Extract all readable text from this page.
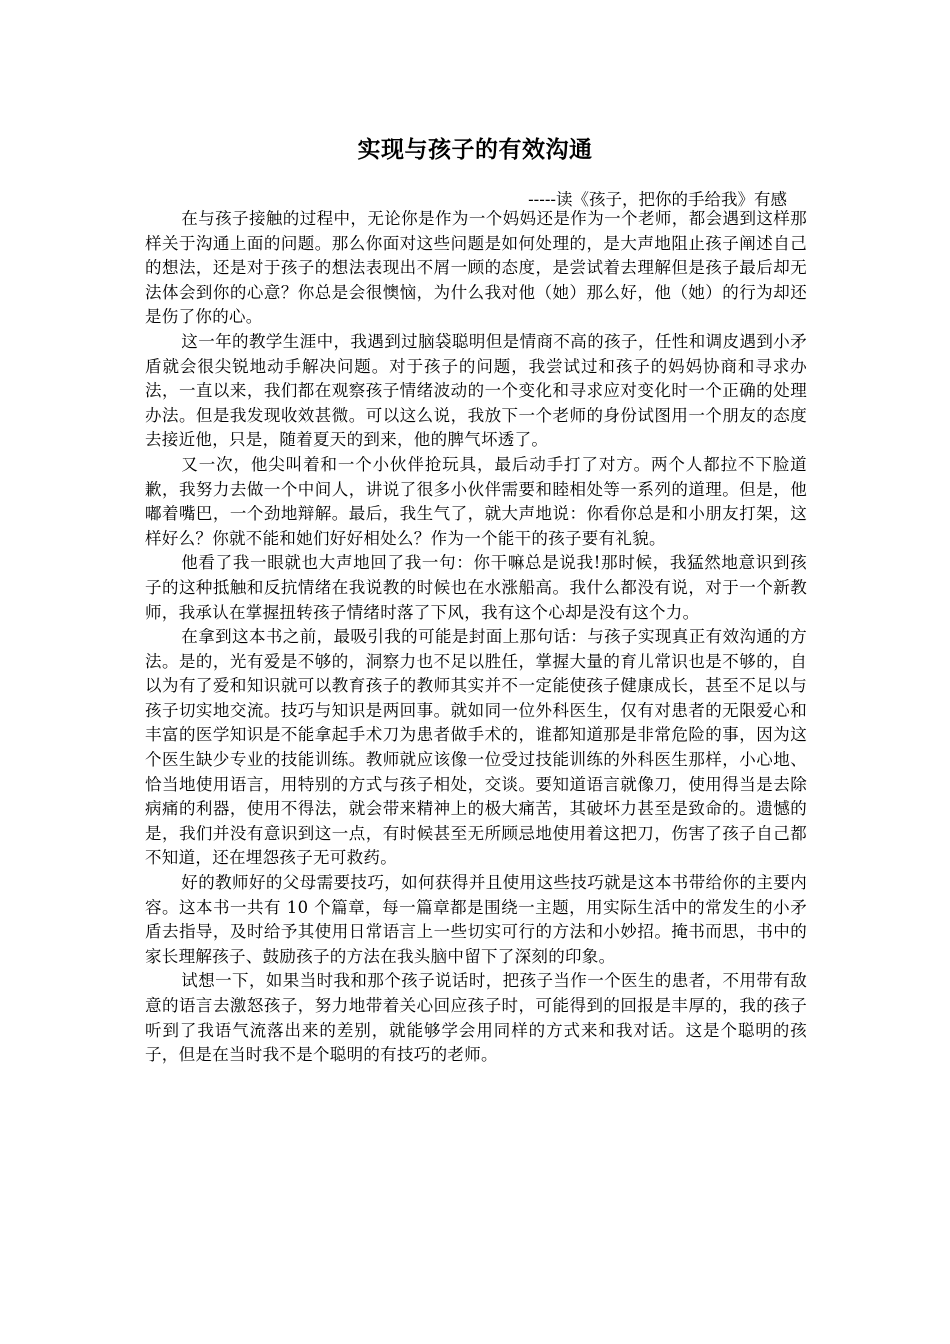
实现与孩子的有效沟通
-----读《孩子，把你的手给我》有感

在与孩子接触的过程中，无论你是作为一个妈妈还是作为一个老师，都会遇到这样那样关于沟通上面的问题。那么你面对这些问题是如何处理的，是大声地阻止孩子阐述自己的想法，还是对于孩子的想法表现出不屑一顾的态度，是尝试着去理解但是孩子最后却无法体会到你的心意？你总是会很懊恼，为什么我对他（她）那么好，他（她）的行为却还是伤了你的心。

这一年的教学生涯中，我遇到过脑袋聪明但是情商不高的孩子，任性和调皮遇到小矛盾就会很尖锐地动手解决问题。对于孩子的问题，我尝试过和孩子的妈妈协商和寻求办法，一直以来，我们都在观察孩子情绪波动的一个变化和寻求应对变化时一个正确的处理办法。但是我发现收效甚微。可以这么说，我放下一个老师的身份试图用一个朋友的态度去接近他，只是，随着夏天的到来，他的脾气坏透了。

又一次，他尖叫着和一个小伙伴抢玩具，最后动手打了对方。两个人都拉不下脸道歉，我努力去做一个中间人，讲说了很多小伙伴需要和睦相处等一系列的道理。但是，他嘟着嘴巴，一个劲地辩解。最后，我生气了，就大声地说：你看你总是和小朋友打架，这样好么？你就不能和她们好好相处么？作为一个能干的孩子要有礼貌。

他看了我一眼就也大声地回了我一句：你干嘛总是说我!那时候，我猛然地意识到孩子的这种抵触和反抗情绪在我说教的时候也在水涨船高。我什么都没有说，对于一个新教师，我承认在掌握扭转孩子情绪时落了下风，我有这个心却是没有这个力。

在拿到这本书之前，最吸引我的可能是封面上那句话：与孩子实现真正有效沟通的方法。是的，光有爱是不够的，洞察力也不足以胜任，掌握大量的育儿常识也是不够的，自以为有了爱和知识就可以教育孩子的教师其实并不一定能使孩子健康成长，甚至不足以与孩子切实地交流。技巧与知识是两回事。就如同一位外科医生，仅有对患者的无限爱心和丰富的医学知识是不能拿起手术刀为患者做手术的，谁都知道那是非常危险的事，因为这个医生缺少专业的技能训练。教师就应该像一位受过技能训练的外科医生那样，小心地、恰当地使用语言，用特别的方式与孩子相处，交谈。要知道语言就像刀，使用得当是去除病痛的利器，使用不得法，就会带来精神上的极大痛苦，其破坏力甚至是致命的。遗憾的是，我们并没有意识到这一点，有时候甚至无所顾忌地使用着这把刀，伤害了孩子自己都不知道，还在埋怨孩子无可救药。

好的教师好的父母需要技巧，如何获得并且使用这些技巧就是这本书带给你的主要内容。这本书一共有 10 个篇章，每一篇章都是围绕一主题，用实际生活中的常发生的小矛盾去指导，及时给予其使用日常语言上一些切实可行的方法和小妙招。掩书而思，书中的家长理解孩子、鼓励孩子的方法在我头脑中留下了深刻的印象。

试想一下，如果当时我和那个孩子说话时，把孩子当作一个医生的患者，不用带有敌意的语言去激怒孩子，努力地带着关心回应孩子时，可能得到的回报是丰厚的，我的孩子听到了我语气流落出来的差别，就能够学会用同样的方式来和我对话。这是个聪明的孩子，但是在当时我不是个聪明的有技巧的老师。
